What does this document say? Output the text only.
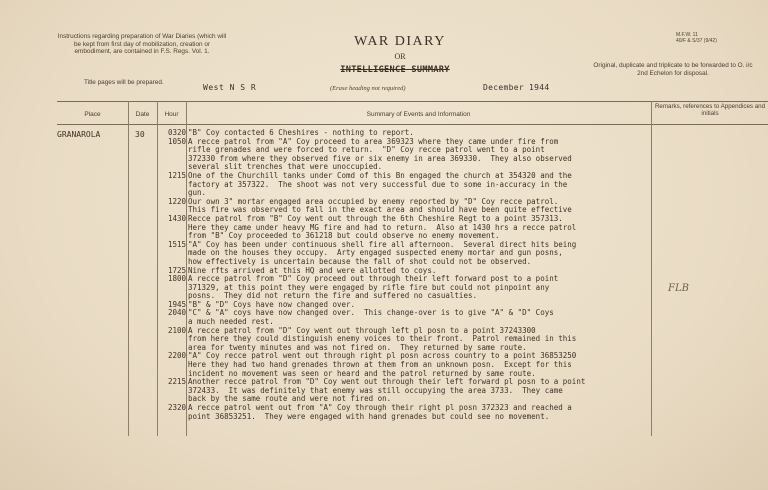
Instructions regarding preparation of War Diaries (which will be kept from first day of mobilization, creation or embodiment, are contained in F.S. Regs. Vol. 1.
Title pages will be prepared.
WAR DIARY
OR
INTELLIGENCE SUMMARY
(Erase heading not required)
West N S R	December 1944
M.F.W. 11
40/F & S/37 (9/42)
Original, duplicate and triplicate to be forwarded to O. i/c 2nd Echelon for disposal.
Place	Date	Hour	Summary of Events and Information
Remarks, references to Appendices and initials
GRANAROLA	30	0320 "B" Coy contacted 6 Cheshires - nothing to report.
1050 A recce patrol from "A" Coy proceed to area 369323 where they came under fire from
rifle grenades and were forced to return.  "D" Coy recce patrol went to a point
372330 from where they observed five or six enemy in area 369330.  They also observed
several slit trenches that were unoccupied.
1215 One of the Churchill tanks under Comd of this Bn engaged the church at 354320 and the
factory at 357322.  The shoot was not very successful due to some in-accuracy in the
gun.
1220 Our own 3" mortar engaged area occupied by enemy reported by "D" Coy recce patrol.
This fire was observed to fall in the exact area and should have been quite effective
1430 Recce patrol from "B" Coy went out through the 6th Cheshire Regt to a point 357313.
Here they came under heavy MG fire and had to return.  Also at 1430 hrs a recce patrol
from "B" Coy proceeded to 361218 but could observe no enemy movement.
1515 "A" Coy has been under continuous shell fire all afternoon.  Several direct hits being
made on the houses they occupy.  Arty engaged suspected enemy mortar and gun posns,
how effectively is uncertain because the fall of shot could not be observed.
1725 Nine rfts arrived at this HQ and were allotted to coys.
1800 A recce patrol from "D" Coy proceed out through their left forward post to a point
371329, at this point they were engaged by rifle fire but could not pinpoint any
posns.  They did not return the fire and suffered no casualties.
1945 "B" & "D" Coys have now changed over.
2040 "C" & "A" coys have now changed over.  This change-over is to give "A" & "D" Coys
a much needed rest.
2100 A recce patrol from "D" Coy went out through left pl posn to a point 37243300
from here they could distinguish enemy voices to their front.  Patrol remained in this
area for twenty minutes and was not fired on.  They returned by same route.
2200 "A" Coy recce patrol went out through right pl posn across country to a point 36853250
Here they had two hand grenades thrown at them from an unknown posn.  Except for this
incident no movement was seen or heard and the patrol returned by same route.
2215 Another recce patrol from "D" Coy went out through their left forward pl posn to a point
372433.  It was definitely that enemy was still occupying the area 3733.  They came
back by the same route and were not fired on.
2320 A recce patrol went out from "A" Coy through their right pl posn 372323 and reached a
point 36853251.  They were engaged with hand grenades but could see no movement.
FLB
